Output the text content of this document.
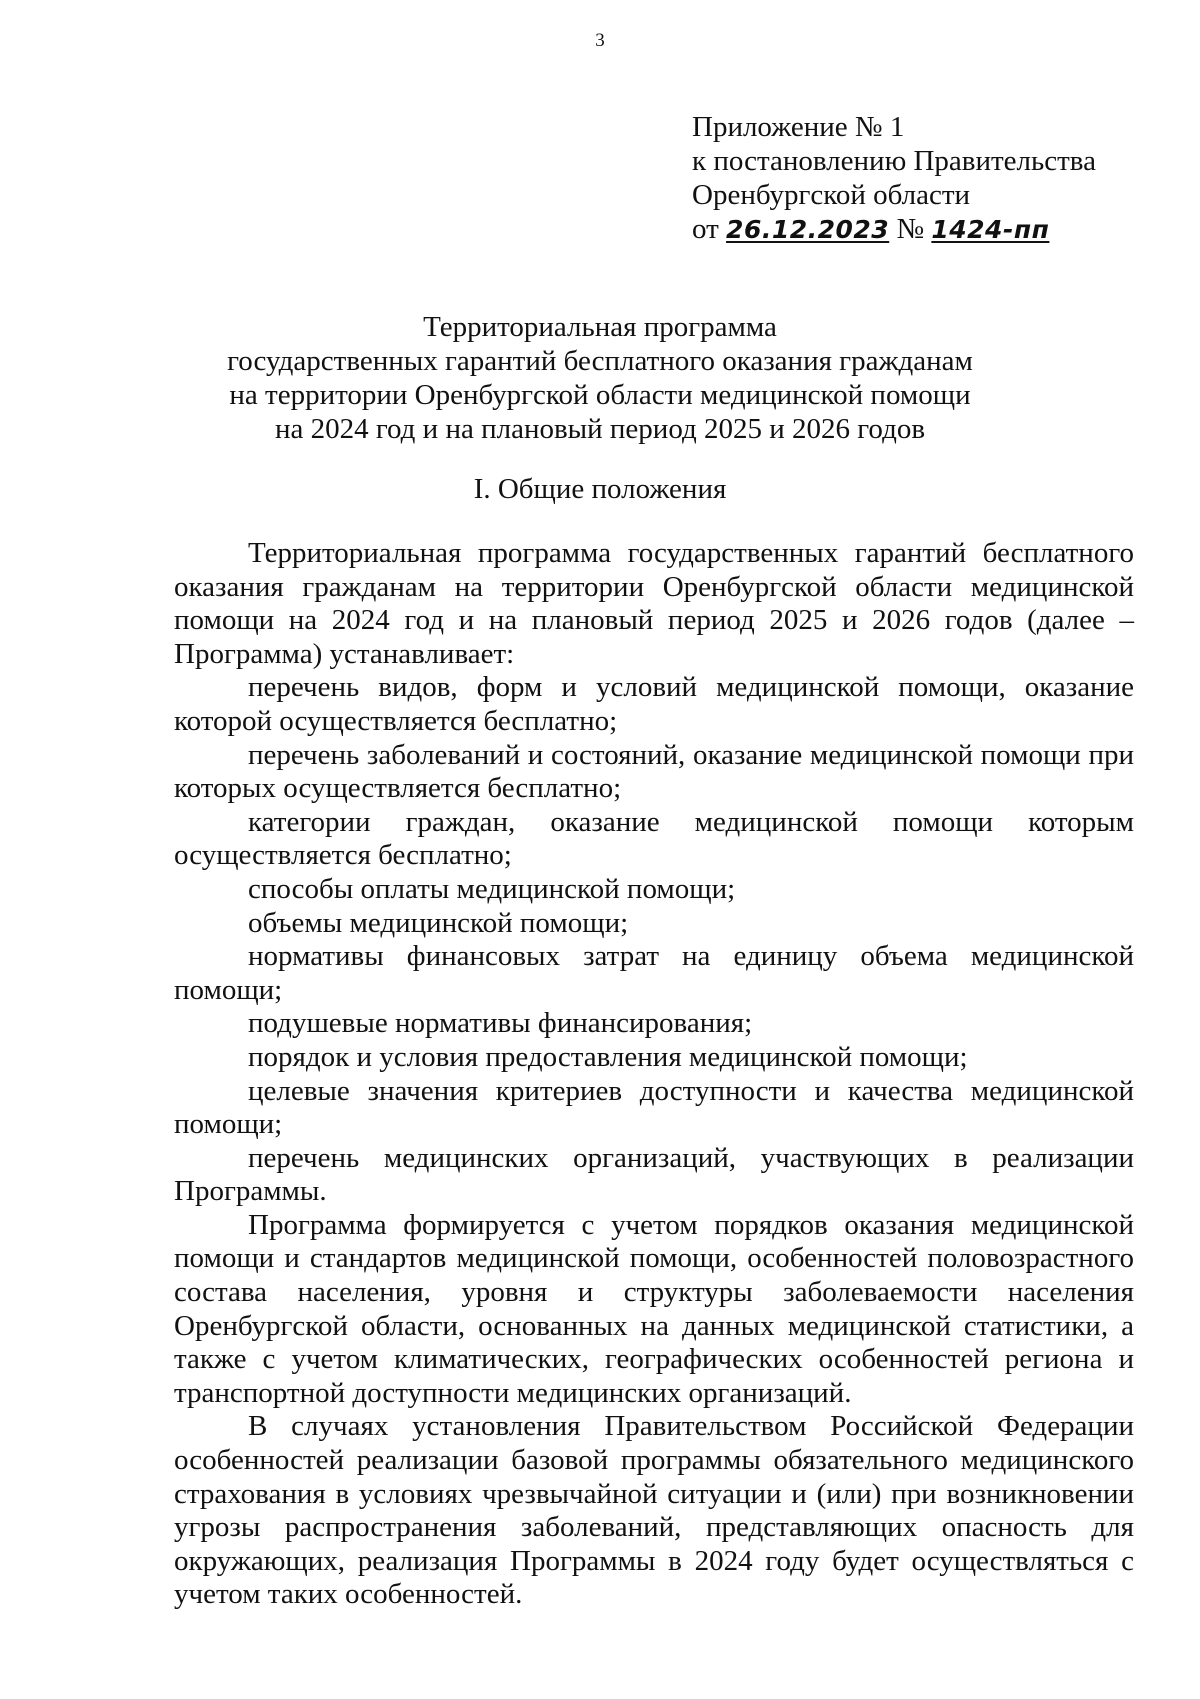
3
Приложение № 1
к постановлению Правительства
Оренбургской области
от 26.12.2023 № 1424-пп
Территориальная программа
государственных гарантий бесплатного оказания гражданам
на территории Оренбургской области медицинской помощи
на 2024 год и на плановый период 2025 и 2026 годов
I. Общие положения

Территориальная программа государственных гарантий бесплатного оказания гражданам на территории Оренбургской области медицинской помощи на 2024 год и на плановый период 2025 и 2026 годов (далее – Программа) устанавливает:

перечень видов, форм и условий медицинской помощи, оказание которой осуществляется бесплатно;

перечень заболеваний и состояний, оказание медицинской помощи при которых осуществляется бесплатно;

категории граждан, оказание медицинской помощи которым осуществляется бесплатно;

способы оплаты медицинской помощи;

объемы медицинской помощи;

нормативы финансовых затрат на единицу объема медицинской помощи;

подушевые нормативы финансирования;

порядок и условия предоставления медицинской помощи;

целевые значения критериев доступности и качества медицинской помощи;

перечень медицинских организаций, участвующих в реализации Программы.

Программа формируется с учетом порядков оказания медицинской помощи и стандартов медицинской помощи, особенностей половозрастного состава населения, уровня и структуры заболеваемости населения Оренбургской области, основанных на данных медицинской статистики, а также с учетом климатических, географических особенностей региона и транспортной доступности медицинских организаций.

В случаях установления Правительством Российской Федерации особенностей реализации базовой программы обязательного медицинского страхования в условиях чрезвычайной ситуации и (или) при возникновении угрозы распространения заболеваний, представляющих опасность для окружающих, реализация Программы в 2024 году будет осуществляться с учетом таких особенностей.
